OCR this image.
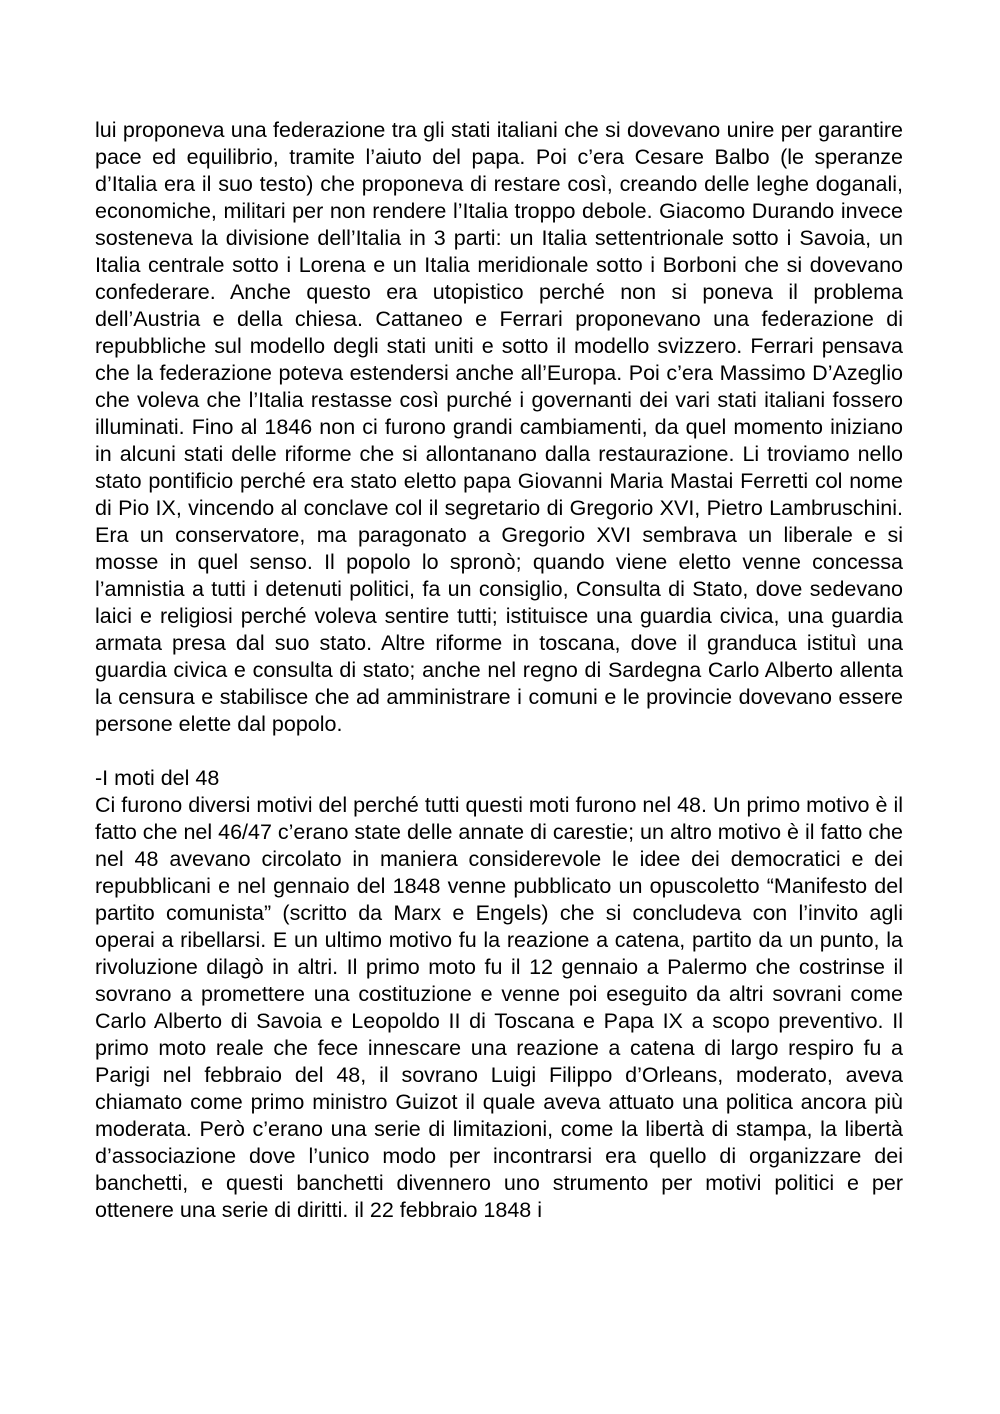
lui proponeva una federazione tra gli stati italiani che si dovevano unire per garantire pace ed equilibrio, tramite l’aiuto del papa. Poi c’era Cesare Balbo (le speranze d’Italia era il suo testo) che proponeva di restare così, creando delle leghe doganali, economiche, militari per non rendere l’Italia troppo debole. Giacomo Durando invece sosteneva la divisione dell’Italia in 3 parti: un Italia settentrionale sotto i Savoia, un Italia centrale sotto i Lorena e un Italia meridionale sotto i Borboni che si dovevano confederare. Anche questo era utopistico perché non si poneva il problema dell’Austria e della chiesa. Cattaneo e Ferrari proponevano una federazione di repubbliche sul modello degli stati uniti e sotto il modello svizzero. Ferrari pensava che la federazione poteva estendersi anche all’Europa. Poi c’era Massimo D’Azeglio che voleva che l’Italia restasse così purché i governanti dei vari stati italiani fossero illuminati. Fino al 1846 non ci furono grandi cambiamenti, da quel momento iniziano in alcuni stati delle riforme che si allontanano dalla restaurazione. Li troviamo nello stato pontificio perché era stato eletto papa Giovanni Maria Mastai Ferretti col nome di Pio IX, vincendo al conclave col il segretario di Gregorio XVI, Pietro Lambruschini. Era un conservatore, ma paragonato a Gregorio XVI sembrava un liberale e si mosse in quel senso. Il popolo lo spronò; quando viene eletto venne concessa l’amnistia a tutti i detenuti politici, fa un consiglio, Consulta di Stato, dove sedevano laici e religiosi perché voleva sentire tutti; istituisce una guardia civica, una guardia armata presa dal suo stato. Altre riforme in toscana, dove il granduca istituì una guardia civica e consulta di stato; anche nel regno di Sardegna Carlo Alberto allenta la censura e stabilisce che ad amministrare i comuni e le provincie dovevano essere persone elette dal popolo.

-I moti del 48

Ci furono diversi motivi del perché tutti questi moti furono nel 48. Un primo motivo è il fatto che nel 46/47 c’erano state delle annate di carestie; un altro motivo è il fatto che nel 48 avevano circolato in maniera considerevole le idee dei democratici e dei repubblicani e nel gennaio del 1848 venne pubblicato un opuscoletto “Manifesto del partito comunista” (scritto da Marx e Engels) che si concludeva con l’invito agli operai a ribellarsi. E un ultimo motivo fu la reazione a catena, partito da un punto, la rivoluzione dilagò in altri. Il primo moto fu il 12 gennaio a Palermo che costrinse il sovrano a promettere una costituzione e venne poi eseguito da altri sovrani come Carlo Alberto di Savoia e Leopoldo II di Toscana e Papa IX a scopo preventivo. Il primo moto reale che fece innescare una reazione a catena di largo respiro fu a Parigi nel febbraio del 48, il sovrano Luigi Filippo d’Orleans, moderato, aveva chiamato come primo ministro Guizot il quale aveva attuato una politica ancora più moderata. Però c’erano una serie di limitazioni, come la libertà di stampa, la libertà d’associazione dove l’unico modo per incontrarsi era quello di organizzare dei banchetti, e questi banchetti divennero uno strumento per motivi politici e per ottenere una serie di diritti. il 22 febbraio 1848 i
